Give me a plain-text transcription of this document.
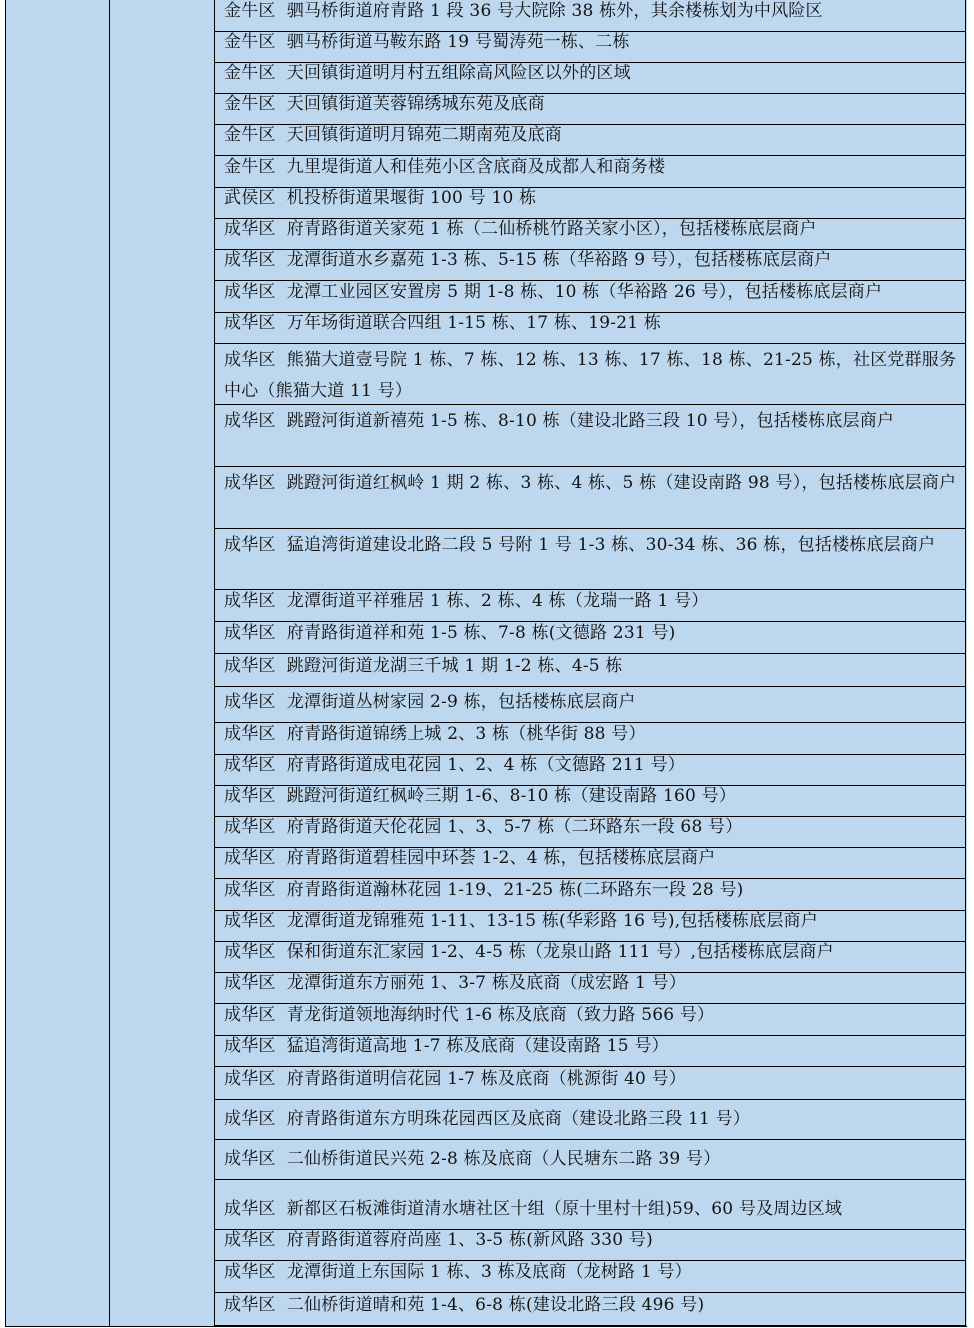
金牛区  驷马桥街道府青路 1 段 36 号大院除 38 栋外，其余楼栋划为中风险区
金牛区  驷马桥街道马鞍东路 19 号蜀涛苑一栋、二栋
金牛区  天回镇街道明月村五组除高风险区以外的区域
金牛区  天回镇街道芙蓉锦绣城东苑及底商
金牛区  天回镇街道明月锦苑二期南苑及底商
金牛区  九里堤街道人和佳苑小区含底商及成都人和商务楼
武侯区  机投桥街道果堰街 100 号 10 栋
成华区  府青路街道关家苑 1 栋（二仙桥桃竹路关家小区），包括楼栋底层商户
成华区  龙潭街道水乡嘉苑 1-3 栋、5-15 栋（华裕路 9 号），包括楼栋底层商户
成华区  龙潭工业园区安置房 5 期 1-8 栋、10 栋（华裕路 26 号），包括楼栋底层商户
成华区  万年场街道联合四组 1-15 栋、17 栋、19-21 栋
成华区  熊猫大道壹号院 1 栋、7 栋、12 栋、13 栋、17 栋、18 栋、21-25 栋，社区党群服务中心（熊猫大道 11 号）
成华区  跳蹬河街道新禧苑 1-5 栋、8-10 栋（建设北路三段 10 号），包括楼栋底层商户
成华区  跳蹬河街道红枫岭 1 期 2 栋、3 栋、4 栋、5 栋（建设南路 98 号），包括楼栋底层商户
成华区  猛追湾街道建设北路二段 5 号附 1 号 1-3 栋、30-34 栋、36 栋，包括楼栋底层商户
成华区  龙潭街道平祥雅居 1 栋、2 栋、4 栋（龙瑞一路 1 号）
成华区  府青路街道祥和苑 1-5 栋、7-8 栋(文德路 231 号)
成华区  跳蹬河街道龙湖三千城 1 期 1-2 栋、4-5 栋
成华区  龙潭街道丛树家园 2-9 栋，包括楼栋底层商户
成华区  府青路街道锦绣上城 2、3 栋（桃华街 88 号）
成华区  府青路街道成电花园 1、2、4 栋（文德路 211 号）
成华区  跳蹬河街道红枫岭三期 1-6、8-10 栋（建设南路 160 号）
成华区  府青路街道天伦花园 1、3、5-7 栋（二环路东一段 68 号）
成华区  府青路街道碧桂园中环荟 1-2、4 栋，包括楼栋底层商户
成华区  府青路街道瀚林花园 1-19、21-25 栋(二环路东一段 28 号)
成华区  龙潭街道龙锦雅苑 1-11、13-15 栋(华彩路 16 号),包括楼栋底层商户
成华区  保和街道东汇家园 1-2、4-5 栋（龙泉山路 111 号）,包括楼栋底层商户
成华区  龙潭街道东方丽苑 1、3-7 栋及底商（成宏路 1 号）
成华区  青龙街道领地海纳时代 1-6 栋及底商（致力路 566 号）
成华区  猛追湾街道高地 1-7 栋及底商（建设南路 15 号）
成华区  府青路街道明信花园 1-7 栋及底商（桃源街 40 号）
成华区  府青路街道东方明珠花园西区及底商（建设北路三段 11 号）
成华区  二仙桥街道民兴苑 2-8 栋及底商（人民塘东二路 39 号）
成华区  新都区石板滩街道清水塘社区十组（原十里村十组)59、60 号及周边区域
成华区  府青路街道蓉府尚座 1、3-5 栋(新风路 330 号)
成华区  龙潭街道上东国际 1 栋、3 栋及底商（龙树路 1 号）
成华区  二仙桥街道晴和苑 1-4、6-8 栋(建设北路三段 496 号)
